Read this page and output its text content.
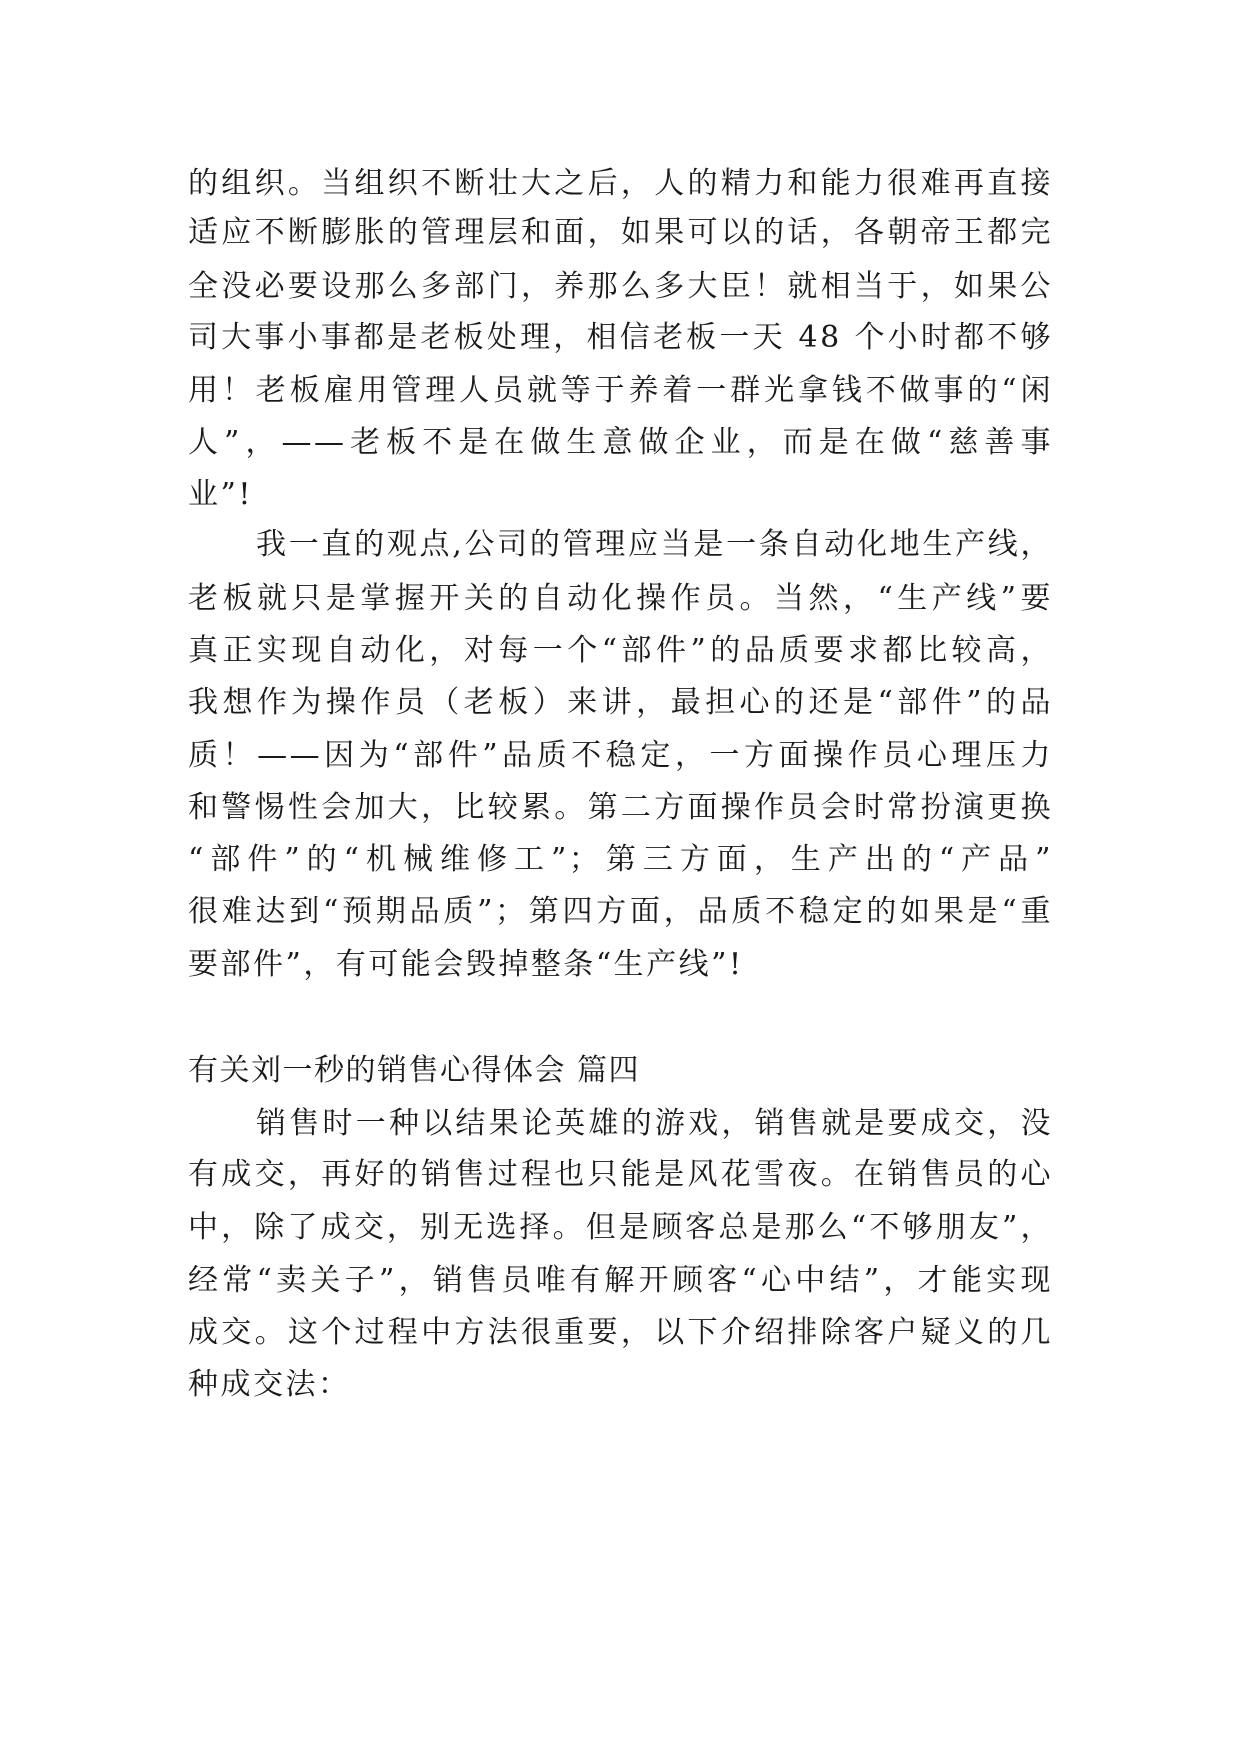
的组织。当组织不断壮大之后，人的精力和能力很难再直接
适应不断膨胀的管理层和面，如果可以的话，各朝帝王都完
全没必要设那么多部门，养那么多大臣！就相当于，如果公
司大事小事都是老板处理，相信老板一天 48 个小时都不够
用！老板雇用管理人员就等于养着一群光拿钱不做事的“闲
人”，——老板不是在做生意做企业，而是在做“慈善事
业”!
我一直的观点,公司的管理应当是一条自动化地生产线，
老板就只是掌握开关的自动化操作员。当然，“生产线”要
真正实现自动化，对每一个“部件”的品质要求都比较高，
我想作为操作员（老板）来讲，最担心的还是“部件”的品
质！——因为“部件”品质不稳定，一方面操作员心理压力
和警惕性会加大，比较累。第二方面操作员会时常扮演更换
“部件”的“机械维修工”；第三方面，生产出的“产品”
很难达到“预期品质”；第四方面，品质不稳定的如果是“重
要部件”，有可能会毁掉整条“生产线”!
有关刘一秒的销售心得体会 篇四
销售时一种以结果论英雄的游戏，销售就是要成交，没
有成交，再好的销售过程也只能是风花雪夜。在销售员的心
中，除了成交，别无选择。但是顾客总是那么“不够朋友”，
经常“卖关子”，销售员唯有解开顾客“心中结”，才能实现
成交。这个过程中方法很重要，以下介绍排除客户疑义的几
种成交法：
